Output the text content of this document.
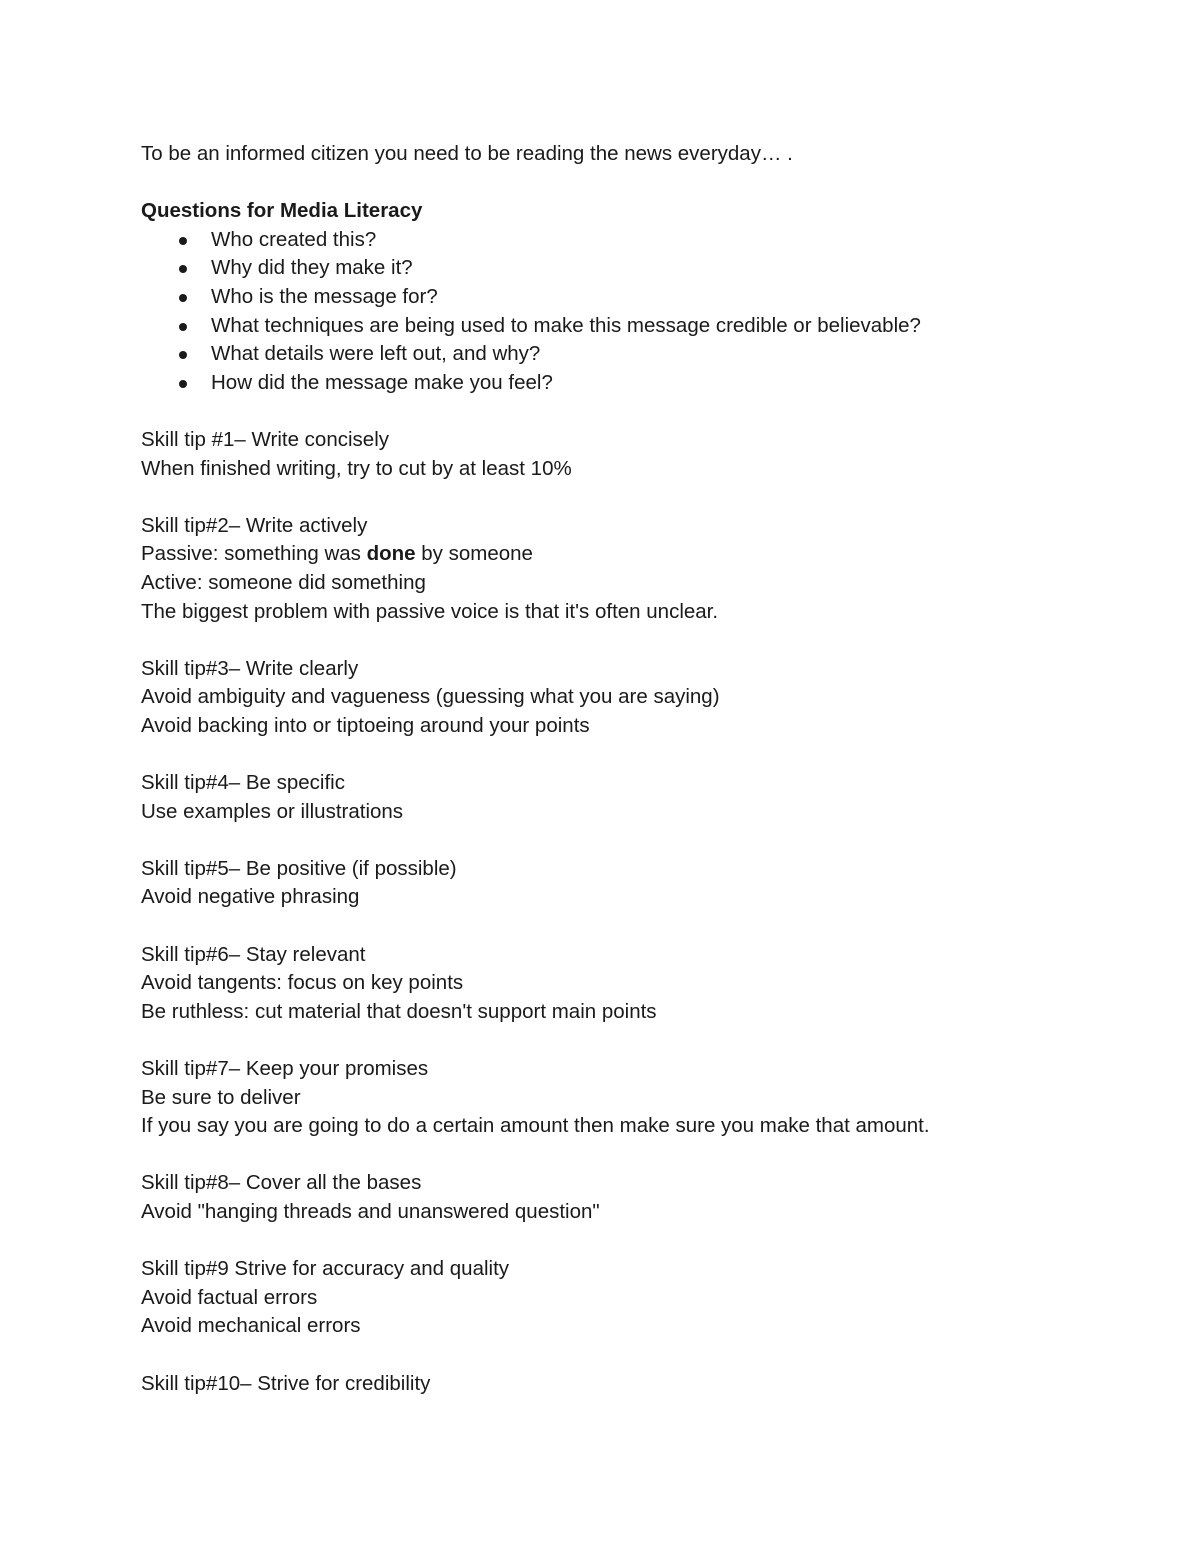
To be an informed citizen you need to be reading the news everyday… .
Questions for Media Literacy
Who created this?
Why did they make it?
Who is the message for?
What techniques are being used to make this message credible or believable?
What details were left out, and why?
How did the message make you feel?
Skill tip #1– Write concisely
When finished writing, try to cut by at least 10%
Skill tip#2– Write actively
Passive: something was done by someone
Active: someone did something
The biggest problem with passive voice is that it's often unclear.
Skill tip#3– Write clearly
Avoid ambiguity and vagueness (guessing what you are saying)
Avoid backing into or tiptoeing around your points
Skill tip#4– Be specific
Use examples or illustrations
Skill tip#5– Be positive (if possible)
Avoid negative phrasing
Skill tip#6– Stay relevant
Avoid tangents: focus on key points
Be ruthless: cut material that doesn't support main points
Skill tip#7– Keep your promises
Be sure to deliver
If you say you are going to do a certain amount then make sure you make that amount.
Skill tip#8– Cover all the bases
Avoid "hanging threads and unanswered question"
Skill tip#9 Strive for accuracy and quality
Avoid factual errors
Avoid mechanical errors
Skill tip#10– Strive for credibility
